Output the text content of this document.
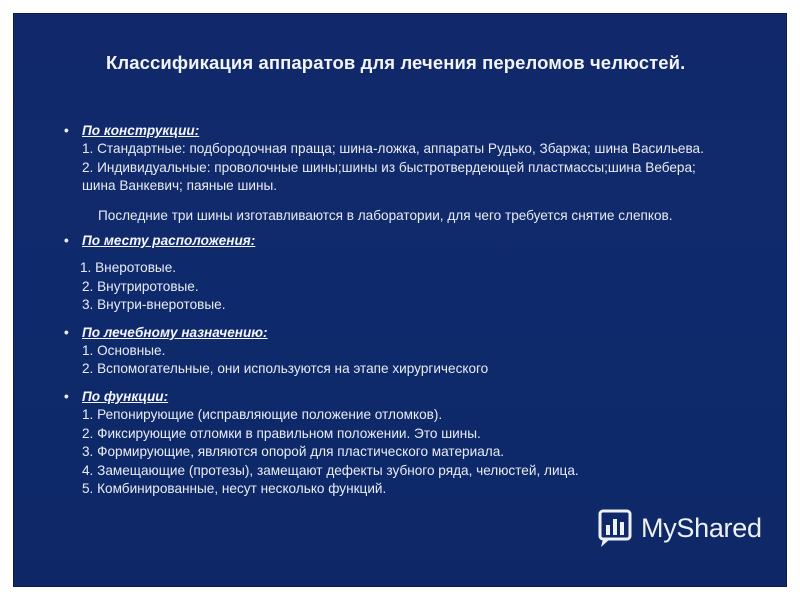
Классификация аппаратов для лечения переломов челюстей.
• По конструкции:
1. Стандартные: подбородочная праща; шина-ложка, аппараты Рудько, Збаржа; шина Васильева.
2. Индивидуальные: проволочные шины;шины из быстротвердеющей пластмассы;шина Вебера;
шина Ванкевич; паяные шины.
Последние три шины изготавливаются в лаборатории, для чего требуется снятие слепков.
• По месту расположения:
1. Внеротовые.
2. Внутриротовые.
3. Внутри-внеротовые.
• По лечебному назначению:
1. Основные.
2. Вспомогательные, они используются на этапе хирургического
• По функции:
1. Репонирующие (исправляющие положение отломков).
2. Фиксирующие отломки в правильном положении. Это шины.
3. Формирующие, являются опорой для пластического материала.
4. Замещающие (протезы), замещают дефекты зубного ряда, челюстей, лица.
5. Комбинированные, несут несколько функций.
MyShared
